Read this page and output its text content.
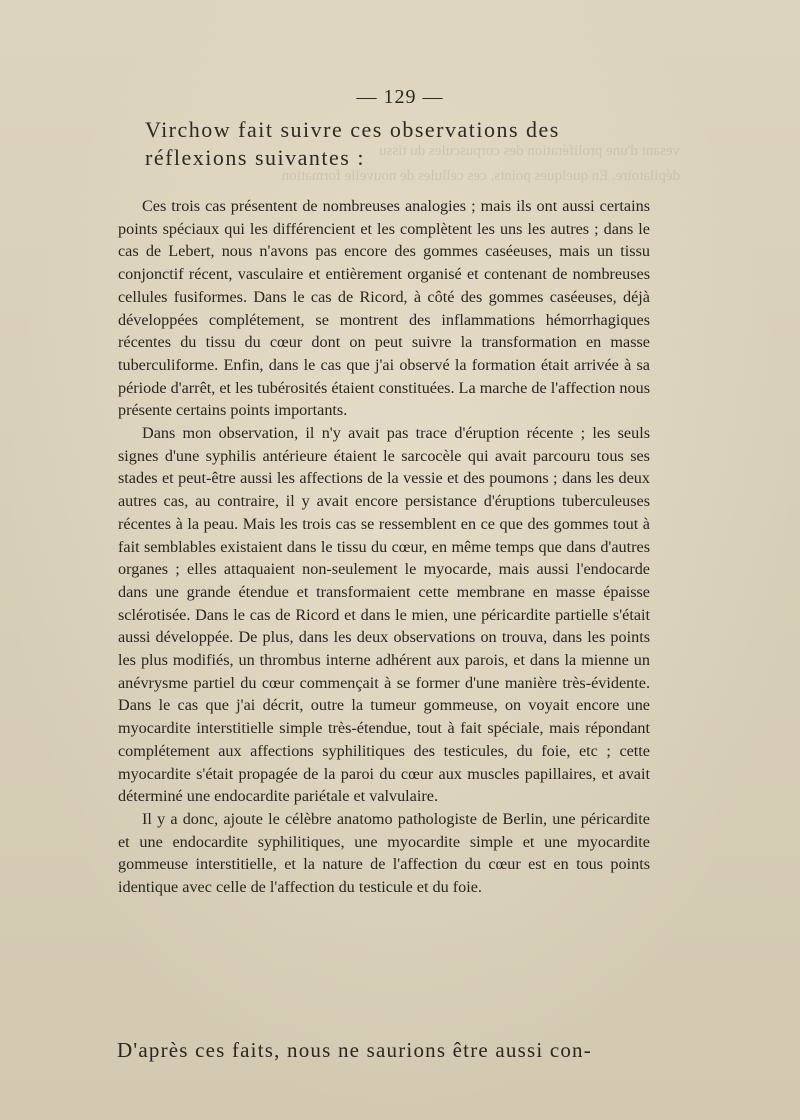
vesant d'une prolifération des corpuscules du tissu
dépilatoire. En quelques points, ces cellules de nouvelle formation
— 129 —
Virchow fait suivre ces observations des réflexions suivantes :

Ces trois cas présentent de nombreuses analogies ; mais ils ont aussi certains points spéciaux qui les différencient et les complètent les uns les autres ; dans le cas de Lebert, nous n'avons pas encore des gommes caséeuses, mais un tissu conjonctif récent, vasculaire et entièrement organisé et contenant de nombreuses cellules fusiformes. Dans le cas de Ricord, à côté des gommes caséeuses, déjà développées complétement, se montrent des inflammations hémorrhagiques récentes du tissu du cœur dont on peut suivre la transformation en masse tuberculiforme. Enfin, dans le cas que j'ai observé la formation était arrivée à sa période d'arrêt, et les tubérosités étaient constituées. La marche de l'affection nous présente certains points importants.

Dans mon observation, il n'y avait pas trace d'éruption récente ; les seuls signes d'une syphilis antérieure étaient le sarcocèle qui avait parcouru tous ses stades et peut-être aussi les affections de la vessie et des poumons ; dans les deux autres cas, au contraire, il y avait encore persistance d'éruptions tuberculeuses récentes à la peau. Mais les trois cas se ressemblent en ce que des gommes tout à fait semblables existaient dans le tissu du cœur, en même temps que dans d'autres organes ; elles attaquaient non-seulement le myocarde, mais aussi l'endocarde dans une grande étendue et transformaient cette membrane en masse épaisse sclérotisée. Dans le cas de Ricord et dans le mien, une péricardite partielle s'était aussi développée. De plus, dans les deux observations on trouva, dans les points les plus modifiés, un thrombus interne adhérent aux parois, et dans la mienne un anévrysme partiel du cœur commençait à se former d'une manière très-évidente. Dans le cas que j'ai décrit, outre la tumeur gommeuse, on voyait encore une myocardite interstitielle simple très-étendue, tout à fait spéciale, mais répondant complétement aux affections syphilitiques des testicules, du foie, etc ; cette myocardite s'était propagée de la paroi du cœur aux muscles papillaires, et avait déterminé une endocardite pariétale et valvulaire.

Il y a donc, ajoute le célèbre anatomo pathologiste de Berlin, une péricardite et une endocardite syphilitiques, une myocardite simple et une myocardite gommeuse interstitielle, et la nature de l'affection du cœur est en tous points identique avec celle de l'affection du testicule et du foie.

D'après ces faits, nous ne saurions être aussi con-
